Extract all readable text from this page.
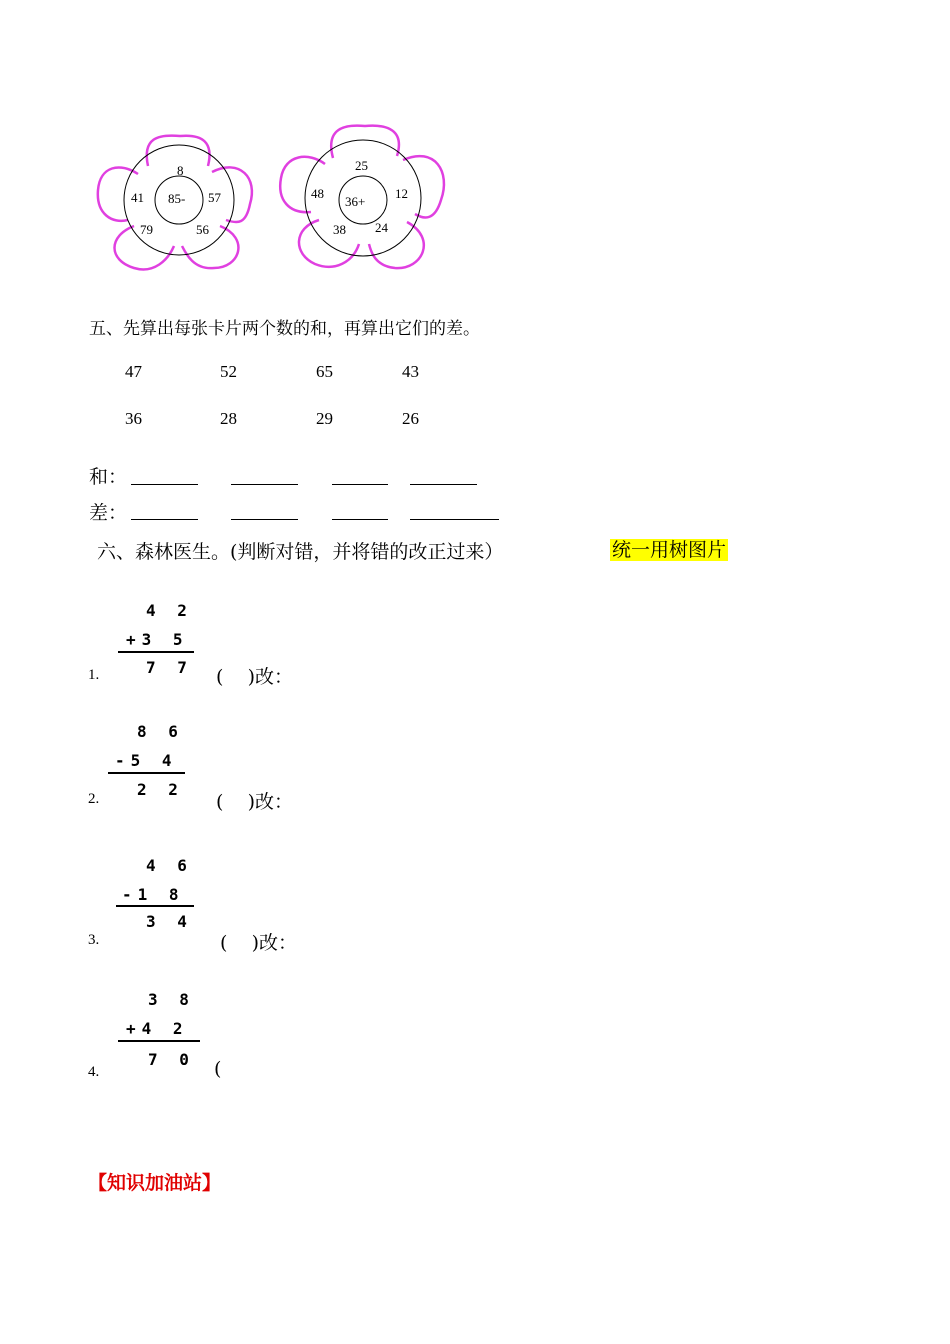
85-
8
57
56
79
41	36+
25
12
24
38
48
五、先算出每张卡片两个数的和，再算出它们的差。
47	52	65	43
36	28	29	26
和：
差：
六、森林医生。(判断对错，并将错的改正过来）	统一用树图片
4 2
+3 5
7 7
1.	(    )改：
8 6
-5 4
2 2
2.	(    )改：
4 6
-1 8
3 4
3.	(    )改：
3 8
+4 2
7 0
4.	(
【知识加油站】
